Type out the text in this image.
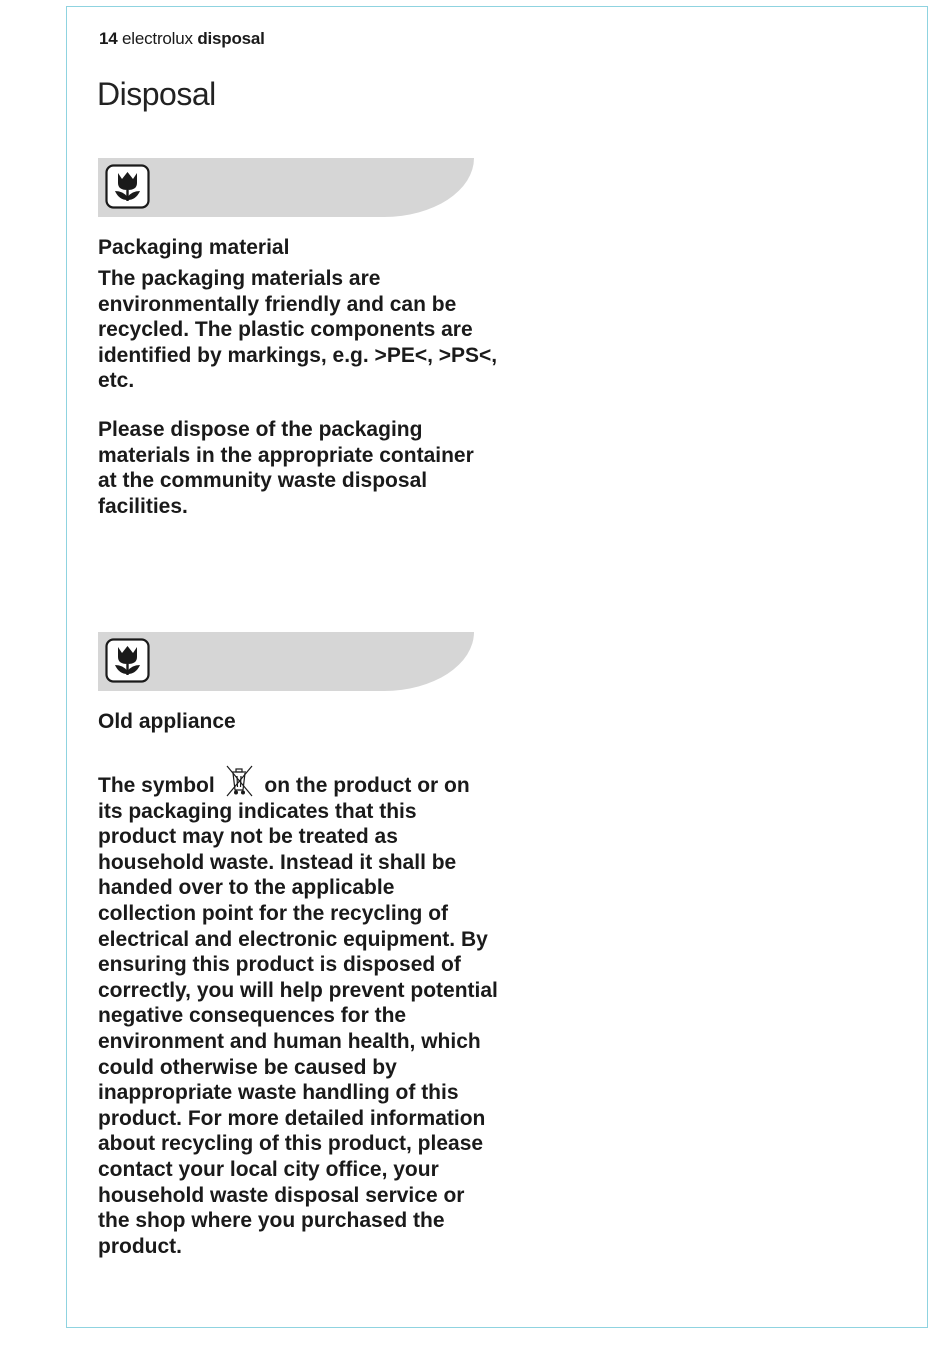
14 electrolux disposal
Disposal
Packaging material

The packaging materials are environmentally friendly and can be recycled. The plastic components are identified by markings, e.g. >PE<, >PS<, etc.

Please dispose of the packaging materials in the appropriate container at the community waste disposal facilities.

Old appliance

The symbol on the product or on its packaging indicates that this product may not be treated as household waste. Instead it shall be handed over to the applicable collection point for the recycling of electrical and electronic equipment. By ensuring this product is disposed of correctly, you will help prevent potential negative consequences for the environment and human health, which could otherwise be caused by inappropriate waste handling of this product. For more detailed information about recycling of this product, please contact your local city office, your household waste disposal service or the shop where you purchased the product.
